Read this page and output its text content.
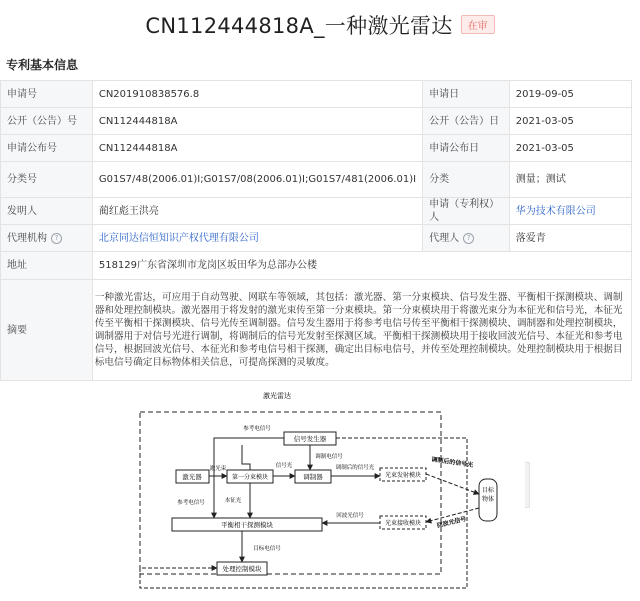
CN112444818A_一种激光雷达 在审
专利基本信息
申请号	CN201910838576.8	申请日	2019-09-05
公开（公告）号	CN112444818A	公开（公告）日	2021-03-05
申请公布号	CN112444818A	申请公布日	2021-03-05
分类号	G01S7/48(2006.01)I;G01S7/08(2006.01)I;G01S7/481(2006.01)I	分类	测量；测试
发明人	蔺红彪王洪亮	申请（专利权）人	华为技术有限公司
代理机构 ?	北京同达信恒知识产权代理有限公司	代理人 ?	落爱青
地址	518129广东省深圳市龙岗区坂田华为总部办公楼		
摘要	一种激光雷达，可应用于自动驾驶、网联车等领域，其包括：激光器、第一分束模块、信号发生器、平衡相干探测模块、调制器和处理控制模块。激光器用于将发射的激光束传至第一分束模块。第一分束模块用于将激光束分为本征光和信号光，本征光传至平衡相干探测模块、信号光传至调制器。信号发生器用于将参考电信号传至平衡相干探测模块、调制器和处理控制模块，调制器用于对信号光进行调制，将调制后的信号光发射至探测区域。平衡相干探测模块用于接收回波光信号、本征光和参考电信号，根据回波光信号、本征光和参考电信号相干探测，确定出目标电信号，并传至处理控制模块。处理控制模块用于根据目标电信号确定目标物体相关信息，可提高探测的灵敏度。		
激光雷达
信号发生器
激光器	第一分束模块	调制器	光束发射模块
光束接收模块
平衡相干探测模块
处理控制模块
目标物体
参考电信号
调制电信号
激光束	信号光	调制后的信号光
参考电信号	本征光
回波光信号
目标电信号
调制后的信号光
回波光信号
